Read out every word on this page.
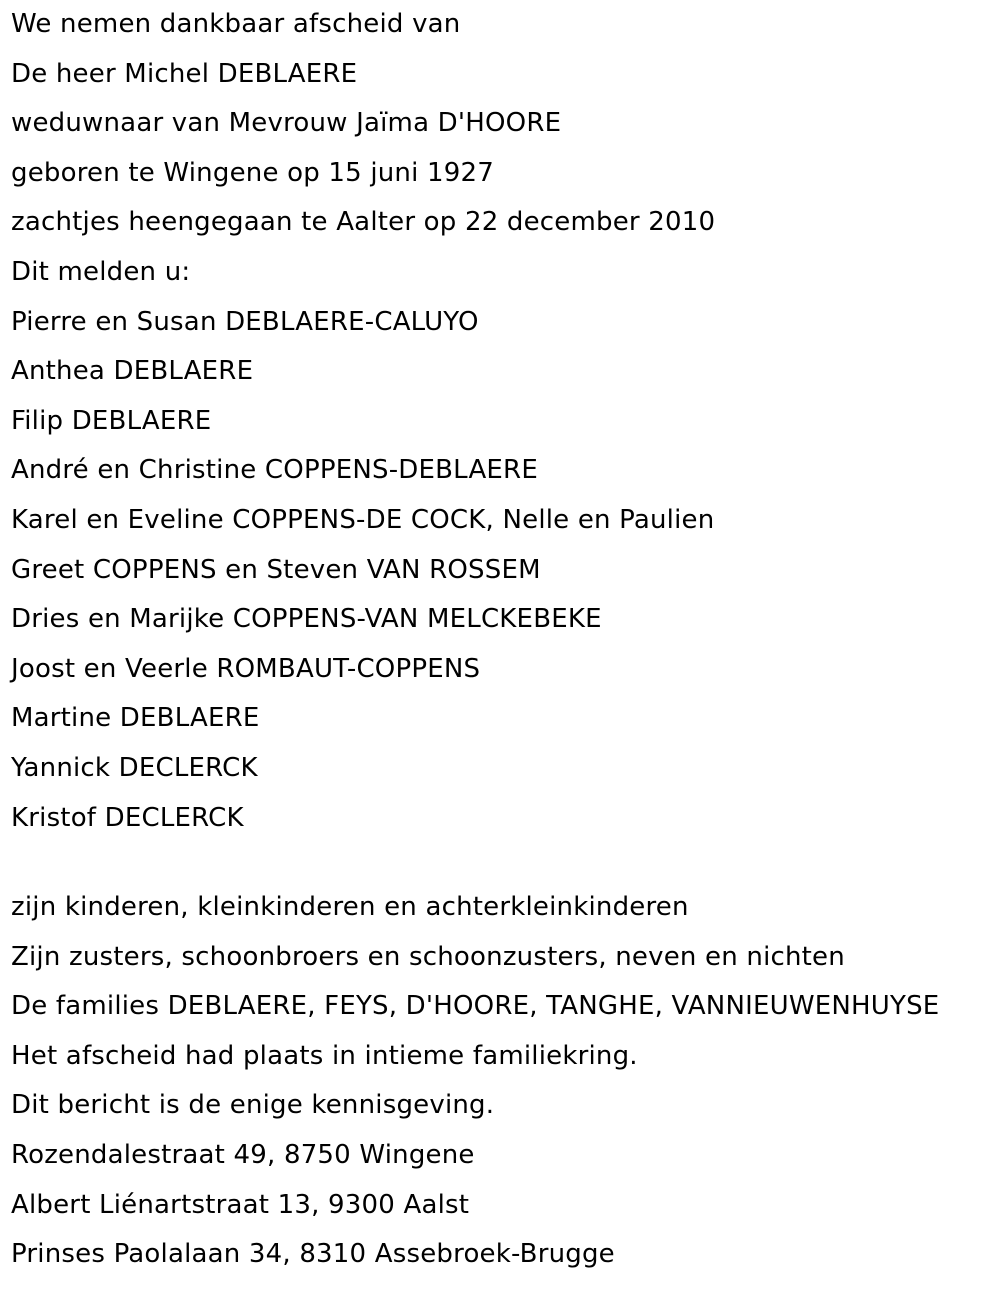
We nemen dankbaar afscheid van
De heer Michel DEBLAERE
weduwnaar van Mevrouw Jaïma D'HOORE
geboren te Wingene op 15 juni 1927
zachtjes heengegaan te Aalter op 22 december 2010
Dit melden u:
Pierre en Susan DEBLAERE-CALUYO
Anthea DEBLAERE
Filip DEBLAERE
André en Christine COPPENS-DEBLAERE
Karel en Eveline COPPENS-DE COCK, Nelle en Paulien
Greet COPPENS en Steven VAN ROSSEM
Dries en Marijke COPPENS-VAN MELCKEBEKE
Joost en Veerle ROMBAUT-COPPENS
Martine DEBLAERE
Yannick DECLERCK
Kristof DECLERCK
zijn kinderen, kleinkinderen en achterkleinkinderen
Zijn zusters, schoonbroers en schoonzusters, neven en nichten
De families DEBLAERE, FEYS, D'HOORE, TANGHE, VANNIEUWENHUYSE
Het afscheid had plaats in intieme familiekring.
Dit bericht is de enige kennisgeving.
Rozendalestraat 49, 8750 Wingene
Albert Liénartstraat 13, 9300 Aalst
Prinses Paolalaan 34, 8310 Assebroek-Brugge
